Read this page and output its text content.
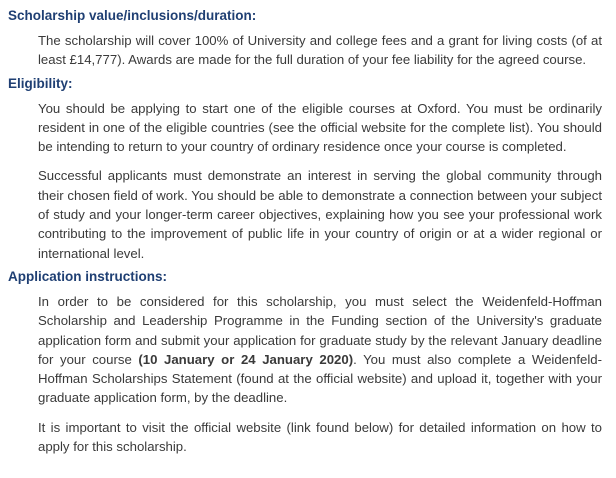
Scholarship value/inclusions/duration:

The scholarship will cover 100% of University and college fees and a grant for living costs (of at least £14,777). Awards are made for the full duration of your fee liability for the agreed course.

Eligibility:

You should be applying to start one of the eligible courses at Oxford. You must be ordinarily resident in one of the eligible countries (see the official website for the complete list). You should be intending to return to your country of ordinary residence once your course is completed.

Successful applicants must demonstrate an interest in serving the global community through their chosen field of work. You should be able to demonstrate a connection between your subject of study and your longer-term career objectives, explaining how you see your professional work contributing to the improvement of public life in your country of origin or at a wider regional or international level.

Application instructions:

In order to be considered for this scholarship, you must select the Weidenfeld-Hoffman Scholarship and Leadership Programme in the Funding section of the University's graduate application form and submit your application for graduate study by the relevant January deadline for your course (10 January or 24 January 2020). You must also complete a Weidenfeld-Hoffman Scholarships Statement (found at the official website) and upload it, together with your graduate application form, by the deadline.

It is important to visit the official website (link found below) for detailed information on how to apply for this scholarship.
